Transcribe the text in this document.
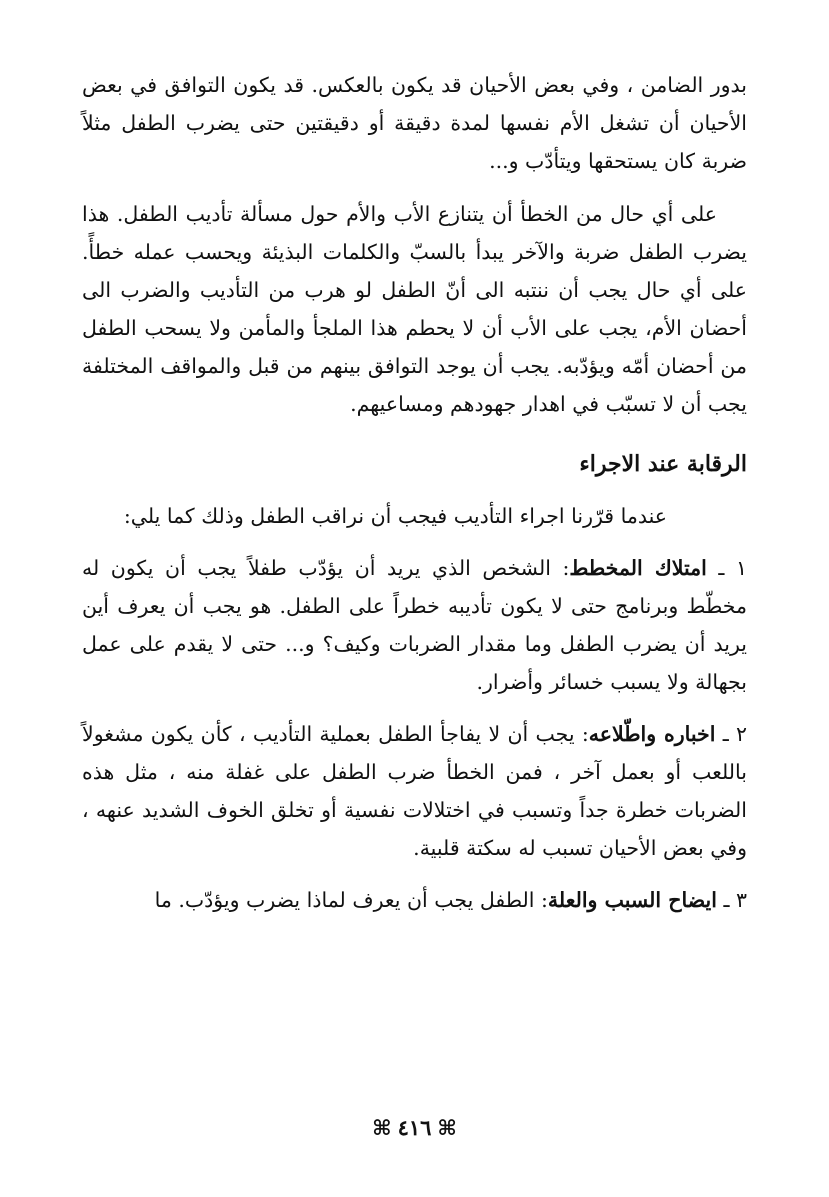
بدور الضامن ، وفي بعض الأحيان قد يكون بالعكس. قد يكون التوافق في بعض الأحيان أن تشغل الأم نفسها لمدة دقيقة أو دقيقتين حتى يضرب الطفل مثلاً ضربة كان يستحقها ويتأدّب و...

على أي حال من الخطأ أن يتنازع الأب والأم حول مسألة تأديب الطفل. هذا يضرب الطفل ضربة والآخر يبدأ بالسبّ والكلمات البذيئة ويحسب عمله خطأً. على أي حال يجب أن ننتبه الى أنّ الطفل لو هرب من التأديب والضرب الى أحضان الأم، يجب على الأب أن لا يحطم هذا الملجأ والمأمن ولا يسحب الطفل من أحضان أمّه ويؤدّبه. يجب أن يوجد التوافق بينهم من قبل والمواقف المختلفة يجب أن لا تسبّب في اهدار جهودهم ومساعيهم.

الرقابة عند الاجراء

عندما قرّرنا اجراء التأديب فيجب أن نراقب الطفل وذلك كما يلي:

١ ـ امتلاك المخطط: الشخص الذي يريد أن يؤدّب طفلاً يجب أن يكون له مخطّط وبرنامج حتى لا يكون تأديبه خطراً على الطفل. هو يجب أن يعرف أين يريد أن يضرب الطفل وما مقدار الضربات وكيف؟ و... حتى لا يقدم على عمل بجهالة ولا يسبب خسائر وأضرار.

٢ ـ اخباره واطّلاعه: يجب أن لا يفاجأ الطفل بعملية التأديب ، كأن يكون مشغولاً باللعب أو بعمل آخر ، فمن الخطأ ضرب الطفل على غفلة منه ، مثل هذه الضربات خطرة جداً وتسبب في اختلالات نفسية أو تخلق الخوف الشديد عنهه ، وفي بعض الأحيان تسبب له سكتة قلبية.

٣ ـ ايضاح السبب والعلة: الطفل يجب أن يعرف لماذا يضرب ويؤدّب. ما

⌘٤١٦⌘
